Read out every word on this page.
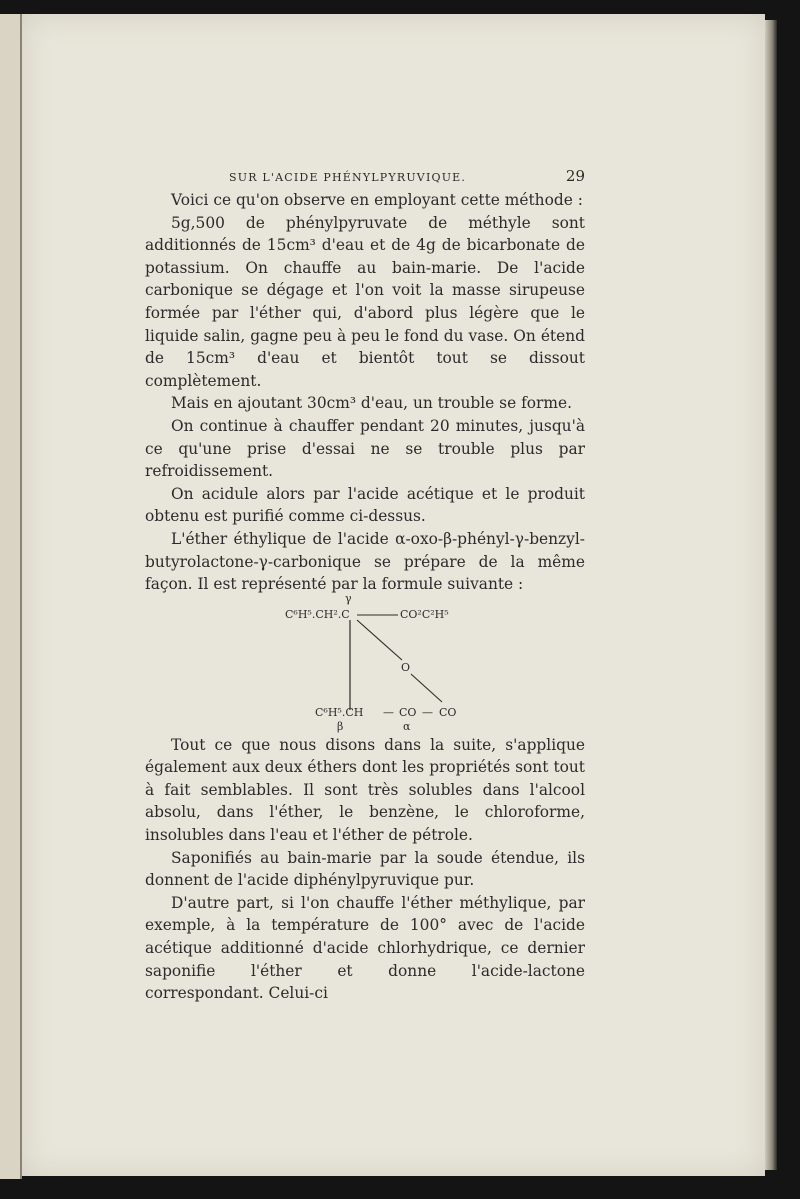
SUR L'ACIDE PHÉNYLPYRUVIQUE.	29

Voici ce qu'on observe en employant cette méthode :

5g,500 de phénylpyruvate de méthyle sont additionnés de 15cm³ d'eau et de 4g de bicarbonate de potassium. On chauffe au bain-marie. De l'acide carbonique se dégage et l'on voit la masse sirupeuse formée par l'éther qui, d'abord plus légère que le liquide salin, gagne peu à peu le fond du vase. On étend de 15cm³ d'eau et bientôt tout se dissout complètement.

Mais en ajoutant 30cm³ d'eau, un trouble se forme.

On continue à chauffer pendant 20 minutes, jusqu'à ce qu'une prise d'essai ne se trouble plus par refroidissement.

On acidule alors par l'acide acétique et le produit obtenu est purifié comme ci-dessus.

L'éther éthylique de l'acide α-oxo-β-phényl-γ-benzyl-butyrolactone-γ-carbonique se prépare de la même façon. Il est représenté par la formule suivante :

γ
C⁶H⁵.CH².C	CO²C²H⁵
O
C⁶H⁵.CH — CO — CO
β	α

Tout ce que nous disons dans la suite, s'applique également aux deux éthers dont les propriétés sont tout à fait semblables. Il sont très solubles dans l'alcool absolu, dans l'éther, le benzène, le chloroforme, insolubles dans l'eau et l'éther de pétrole.

Saponifiés au bain-marie par la soude étendue, ils donnent de l'acide diphénylpyruvique pur.

D'autre part, si l'on chauffe l'éther méthylique, par exemple, à la température de 100° avec de l'acide acétique additionné d'acide chlorhydrique, ce dernier saponifie l'éther et donne l'acide-lactone correspondant. Celui-ci
